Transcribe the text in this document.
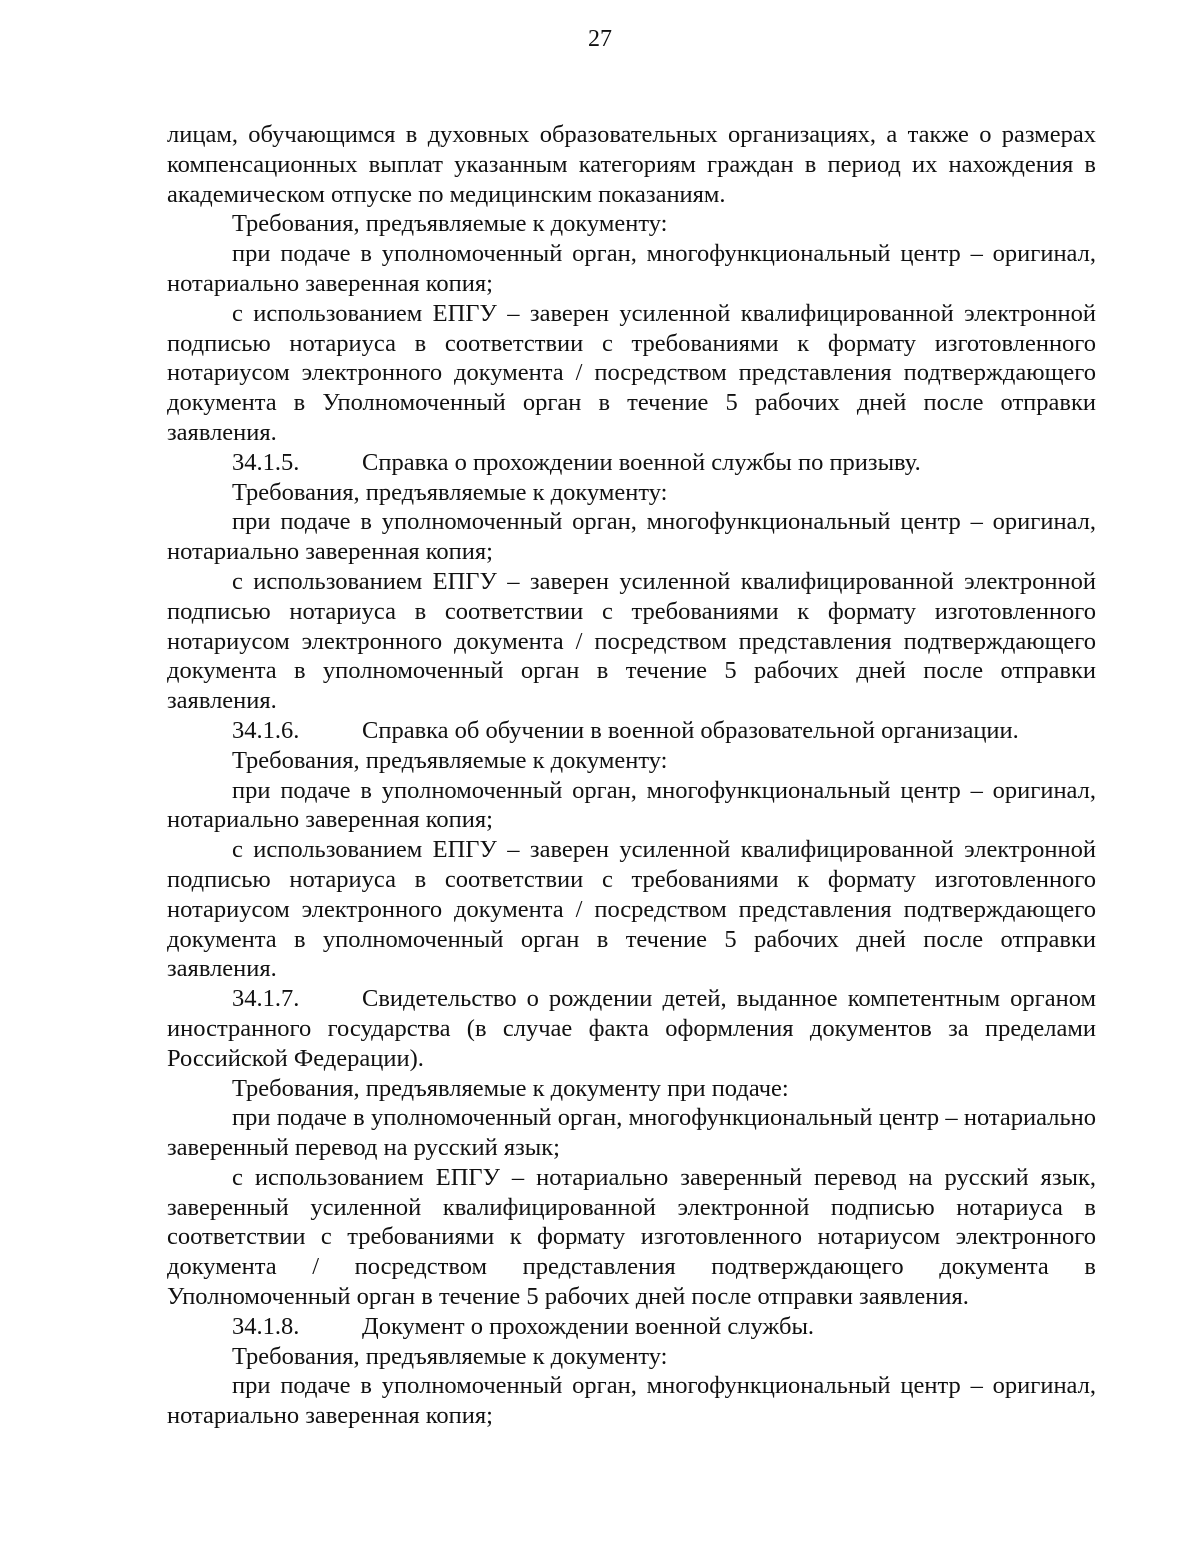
27

лицам, обучающимся в духовных образовательных организациях, а также о размерах компенсационных выплат указанным категориям граждан в период их нахождения в академическом отпуске по медицинским показаниям.

Требования, предъявляемые к документу:

при подаче в уполномоченный орган, многофункциональный центр – оригинал, нотариально заверенная копия;

с использованием ЕПГУ – заверен усиленной квалифицированной электронной подписью нотариуса в соответствии с требованиями к формату изготовленного нотариусом электронного документа / посредством представления подтверждающего документа в Уполномоченный орган в течение 5 рабочих дней после отправки заявления.

34.1.5.	Справка о прохождении военной службы по призыву.

Требования, предъявляемые к документу:

при подаче в уполномоченный орган, многофункциональный центр – оригинал, нотариально заверенная копия;

с использованием ЕПГУ – заверен усиленной квалифицированной электронной подписью нотариуса в соответствии с требованиями к формату изготовленного нотариусом электронного документа / посредством представления подтверждающего документа в уполномоченный орган в течение 5 рабочих дней после отправки заявления.

34.1.6.	Справка об обучении в военной образовательной организации.

Требования, предъявляемые к документу:

при подаче в уполномоченный орган, многофункциональный центр – оригинал, нотариально заверенная копия;

с использованием ЕПГУ – заверен усиленной квалифицированной электронной подписью нотариуса в соответствии с требованиями к формату изготовленного нотариусом электронного документа / посредством представления подтверждающего документа в уполномоченный орган в течение 5 рабочих дней после отправки заявления.

34.1.7.	Свидетельство о рождении детей, выданное компетентным органом иностранного государства (в случае факта оформления документов за пределами Российской Федерации).

Требования, предъявляемые к документу при подаче:

при подаче в уполномоченный орган, многофункциональный центр – нотариально заверенный перевод на русский язык;

с использованием ЕПГУ – нотариально заверенный перевод на русский язык, заверенный усиленной квалифицированной электронной подписью нотариуса в соответствии с требованиями к формату изготовленного нотариусом электронного документа / посредством представления подтверждающего документа в Уполномоченный орган в течение 5 рабочих дней после отправки заявления.

34.1.8.	Документ о прохождении военной службы.

Требования, предъявляемые к документу:

при подаче в уполномоченный орган, многофункциональный центр – оригинал, нотариально заверенная копия;
